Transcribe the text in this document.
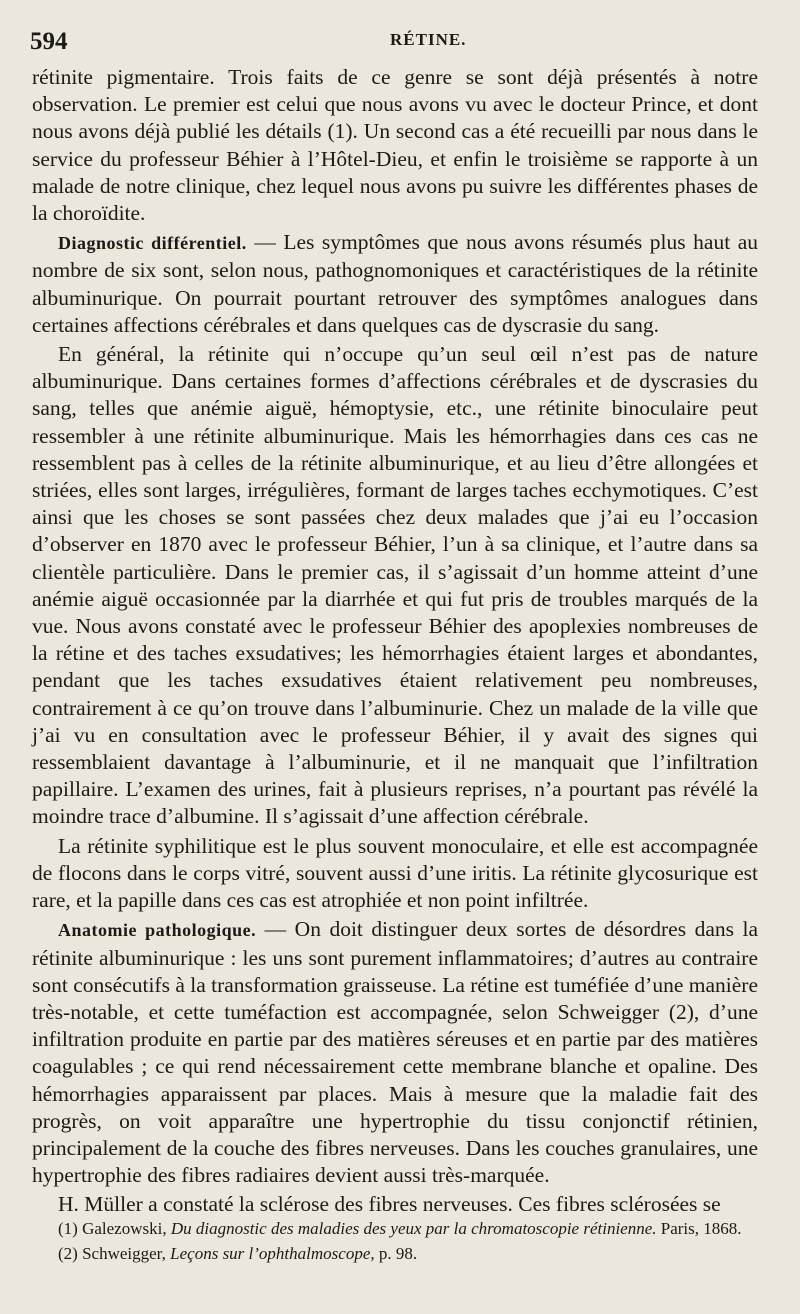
594	RÉTINE.

rétinite pigmentaire. Trois faits de ce genre se sont déjà présentés à notre observation. Le premier est celui que nous avons vu avec le docteur Prince, et dont nous avons déjà publié les détails (1). Un second cas a été recueilli par nous dans le service du professeur Béhier à l’Hôtel-Dieu, et enfin le troisième se rapporte à un malade de notre clinique, chez lequel nous avons pu suivre les différentes phases de la choroïdite.

Diagnostic différentiel. — Les symptômes que nous avons résumés plus haut au nombre de six sont, selon nous, pathognomoniques et caractéristiques de la rétinite albuminurique. On pourrait pourtant retrouver des symptômes analogues dans certaines affections cérébrales et dans quelques cas de dyscrasie du sang.

En général, la rétinite qui n’occupe qu’un seul œil n’est pas de nature albuminurique. Dans certaines formes d’affections cérébrales et de dyscrasies du sang, telles que anémie aiguë, hémoptysie, etc., une rétinite binoculaire peut ressembler à une rétinite albuminurique. Mais les hémorrhagies dans ces cas ne ressemblent pas à celles de la rétinite albuminurique, et au lieu d’être allongées et striées, elles sont larges, irrégulières, formant de larges taches ecchymotiques. C’est ainsi que les choses se sont passées chez deux malades que j’ai eu l’occasion d’observer en 1870 avec le professeur Béhier, l’un à sa clinique, et l’autre dans sa clientèle particulière. Dans le premier cas, il s’agissait d’un homme atteint d’une anémie aiguë occasionnée par la diarrhée et qui fut pris de troubles marqués de la vue. Nous avons constaté avec le professeur Béhier des apoplexies nombreuses de la rétine et des taches exsudatives; les hémorrhagies étaient larges et abondantes, pendant que les taches exsudatives étaient relativement peu nombreuses, contrairement à ce qu’on trouve dans l’albuminurie. Chez un malade de la ville que j’ai vu en consultation avec le professeur Béhier, il y avait des signes qui ressemblaient davantage à l’albuminurie, et il ne manquait que l’infiltration papillaire. L’examen des urines, fait à plusieurs reprises, n’a pourtant pas révélé la moindre trace d’albumine. Il s’agissait d’une affection cérébrale.

La rétinite syphilitique est le plus souvent monoculaire, et elle est accompagnée de flocons dans le corps vitré, souvent aussi d’une iritis. La rétinite glycosurique est rare, et la papille dans ces cas est atrophiée et non point infiltrée.

Anatomie pathologique. — On doit distinguer deux sortes de désordres dans la rétinite albuminurique : les uns sont purement inflammatoires; d’autres au contraire sont consécutifs à la transformation graisseuse. La rétine est tuméfiée d’une manière très-notable, et cette tuméfaction est accompagnée, selon Schweigger (2), d’une infiltration produite en partie par des matières séreuses et en partie par des matières coagulables ; ce qui rend nécessairement cette membrane blanche et opaline. Des hémorrhagies apparaissent par places. Mais à mesure que la maladie fait des progrès, on voit apparaître une hypertrophie du tissu conjonctif rétinien, principalement de la couche des fibres nerveuses. Dans les couches granulaires, une hypertrophie des fibres radiaires devient aussi très-marquée.

H. Müller a constaté la sclérose des fibres nerveuses. Ces fibres sclérosées se

(1) Galezowski, Du diagnostic des maladies des yeux par la chromatoscopie rétinienne. Paris, 1868.

(2) Schweigger, Leçons sur l’ophthalmoscope, p. 98.
